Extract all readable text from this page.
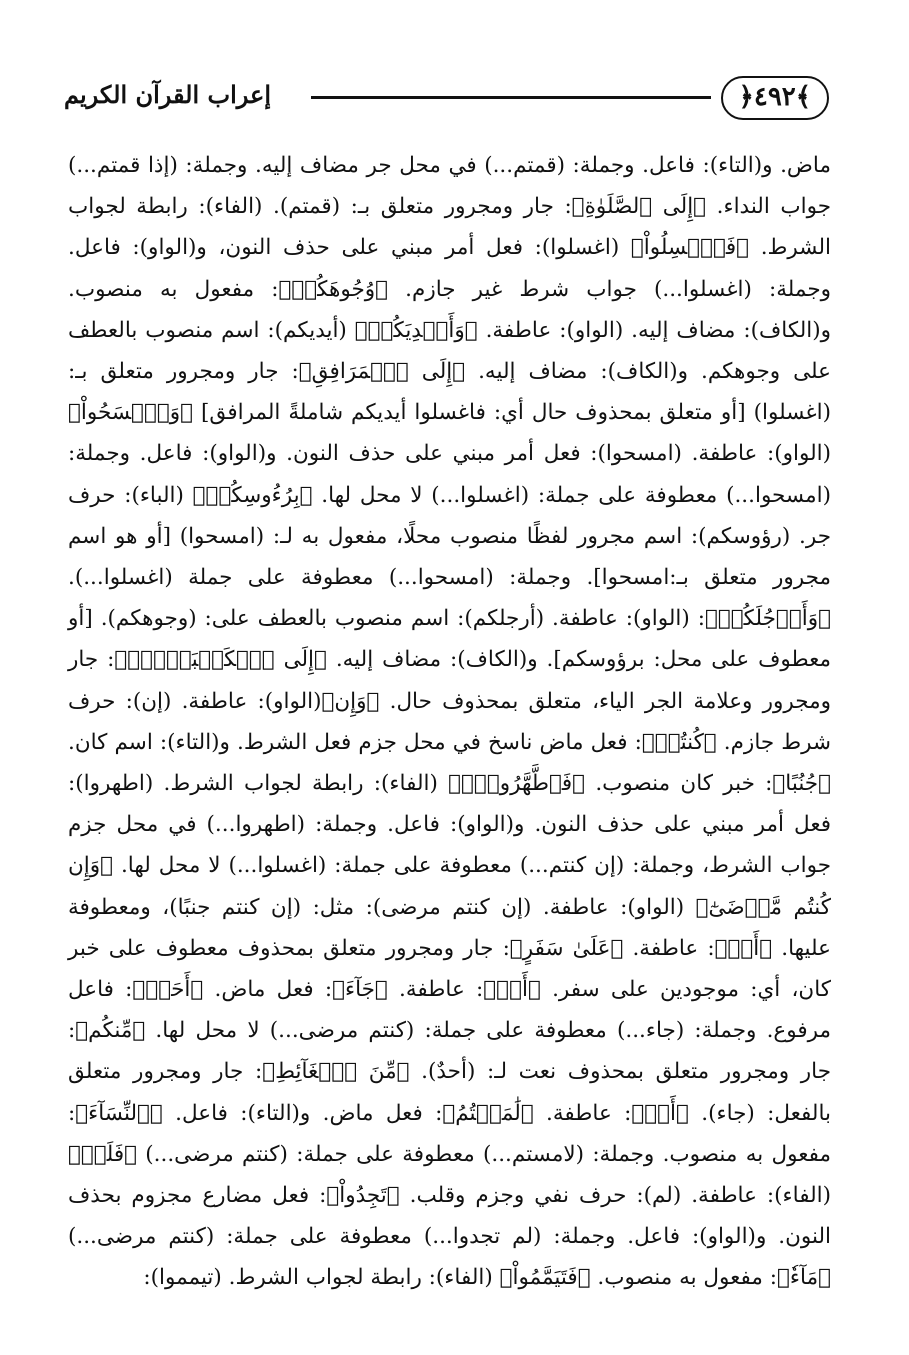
﴿٤٩٢﴾
إعراب القرآن الكريم

ماض. و(التاء): فاعل. وجملة: (قمتم...) في محل جر مضاف إليه. وجملة: (إذا قمتم...) جواب النداء. ﴿إِلَى ٱلصَّلَوٰةِ﴾: جار ومجرور متعلق بـ: (قمتم). (الفاء): رابطة لجواب الشرط. ﴿فَٱغۡسِلُواْ﴾ (اغسلوا): فعل أمر مبني على حذف النون، و(الواو): فاعل. وجملة: (اغسلوا...) جواب شرط غير جازم. ﴿وُجُوهَكُمۡ﴾: مفعول به منصوب. و(الكاف): مضاف إليه. (الواو): عاطفة. ﴿وَأَيۡدِيَكُمۡ﴾ (أيديكم): اسم منصوب بالعطف على وجوهكم. و(الكاف): مضاف إليه. ﴿إِلَى ٱلۡمَرَافِقِ﴾: جار ومجرور متعلق بـ: (اغسلوا) [أو متعلق بمحذوف حال أي: فاغسلوا أيديكم شاملةً المرافق] ﴿وَٱمۡسَحُواْ﴾ (الواو): عاطفة. (امسحوا): فعل أمر مبني على حذف النون. و(الواو): فاعل. وجملة: (امسحوا...) معطوفة على جملة: (اغسلوا...) لا محل لها. ﴿بِرُءُوسِكُمۡ﴾ (الباء): حرف جر. (رؤوسكم): اسم مجرور لفظًا منصوب محلًا، مفعول به لـ: (امسحوا) [أو هو اسم مجرور متعلق بـ:امسحوا]. وجملة: (امسحوا...) معطوفة على جملة (اغسلوا...). ﴿وَأَرۡجُلَكُمۡ﴾: (الواو): عاطفة. (أرجلكم): اسم منصوب بالعطف على: (وجوهكم). [أو معطوف على محل: برؤوسكم]. و(الكاف): مضاف إليه. ﴿إِلَى ٱلۡكَعۡبَيۡنِۚ﴾: جار ومجرور وعلامة الجر الياء، متعلق بمحذوف حال. ﴿وَإِن﴾(الواو): عاطفة. (إن): حرف شرط جازم. ﴿كُنتُمۡ﴾: فعل ماض ناسخ في محل جزم فعل الشرط. و(التاء): اسم كان. ﴿جُنُبًا﴾: خبر كان منصوب. ﴿فَٱطَّهَّرُواْۚ﴾ (الفاء): رابطة لجواب الشرط. (اطهروا): فعل أمر مبني على حذف النون. و(الواو): فاعل. وجملة: (اطهروا...) في محل جزم جواب الشرط، وجملة: (إن كنتم...) معطوفة على جملة: (اغسلوا...) لا محل لها. ﴿وَإِن كُنتُم مَّرۡضَىٰٓ﴾ (الواو): عاطفة. (إن كنتم مرضى): مثل: (إن كنتم جنبًا)، ومعطوفة عليها. ﴿أَوۡ﴾: عاطفة. ﴿عَلَىٰ سَفَرٍ﴾: جار ومجرور متعلق بمحذوف معطوف على خبر كان، أي: موجودين على سفر. ﴿أَوۡ﴾: عاطفة. ﴿جَآءَ﴾: فعل ماض. ﴿أَحَدٞ﴾: فاعل مرفوع. وجملة: (جاء...) معطوفة على جملة: (كنتم مرضى...) لا محل لها. ﴿مِّنكُم﴾: جار ومجرور متعلق بمحذوف نعت لـ: (أحدٌ). ﴿مِّنَ ٱلۡغَآئِطِ﴾: جار ومجرور متعلق بالفعل: (جاء). ﴿أَوۡ﴾: عاطفة. ﴿لَٰمَسۡتُمُ﴾: فعل ماض. و(التاء): فاعل. ﴿ٱلنِّسَآءَ﴾: مفعول به منصوب. وجملة: (لامستم...) معطوفة على جملة: (كنتم مرضى...) ﴿فَلَمۡ﴾ (الفاء): عاطفة. (لم): حرف نفي وجزم وقلب. ﴿تَجِدُواْ﴾: فعل مضارع مجزوم بحذف النون. و(الواو): فاعل. وجملة: (لم تجدوا...) معطوفة على جملة: (كنتم مرضى...) ﴿مَآءٗ﴾: مفعول به منصوب. ﴿فَتَيَمَّمُواْ﴾ (الفاء): رابطة لجواب الشرط. (تيمموا):
